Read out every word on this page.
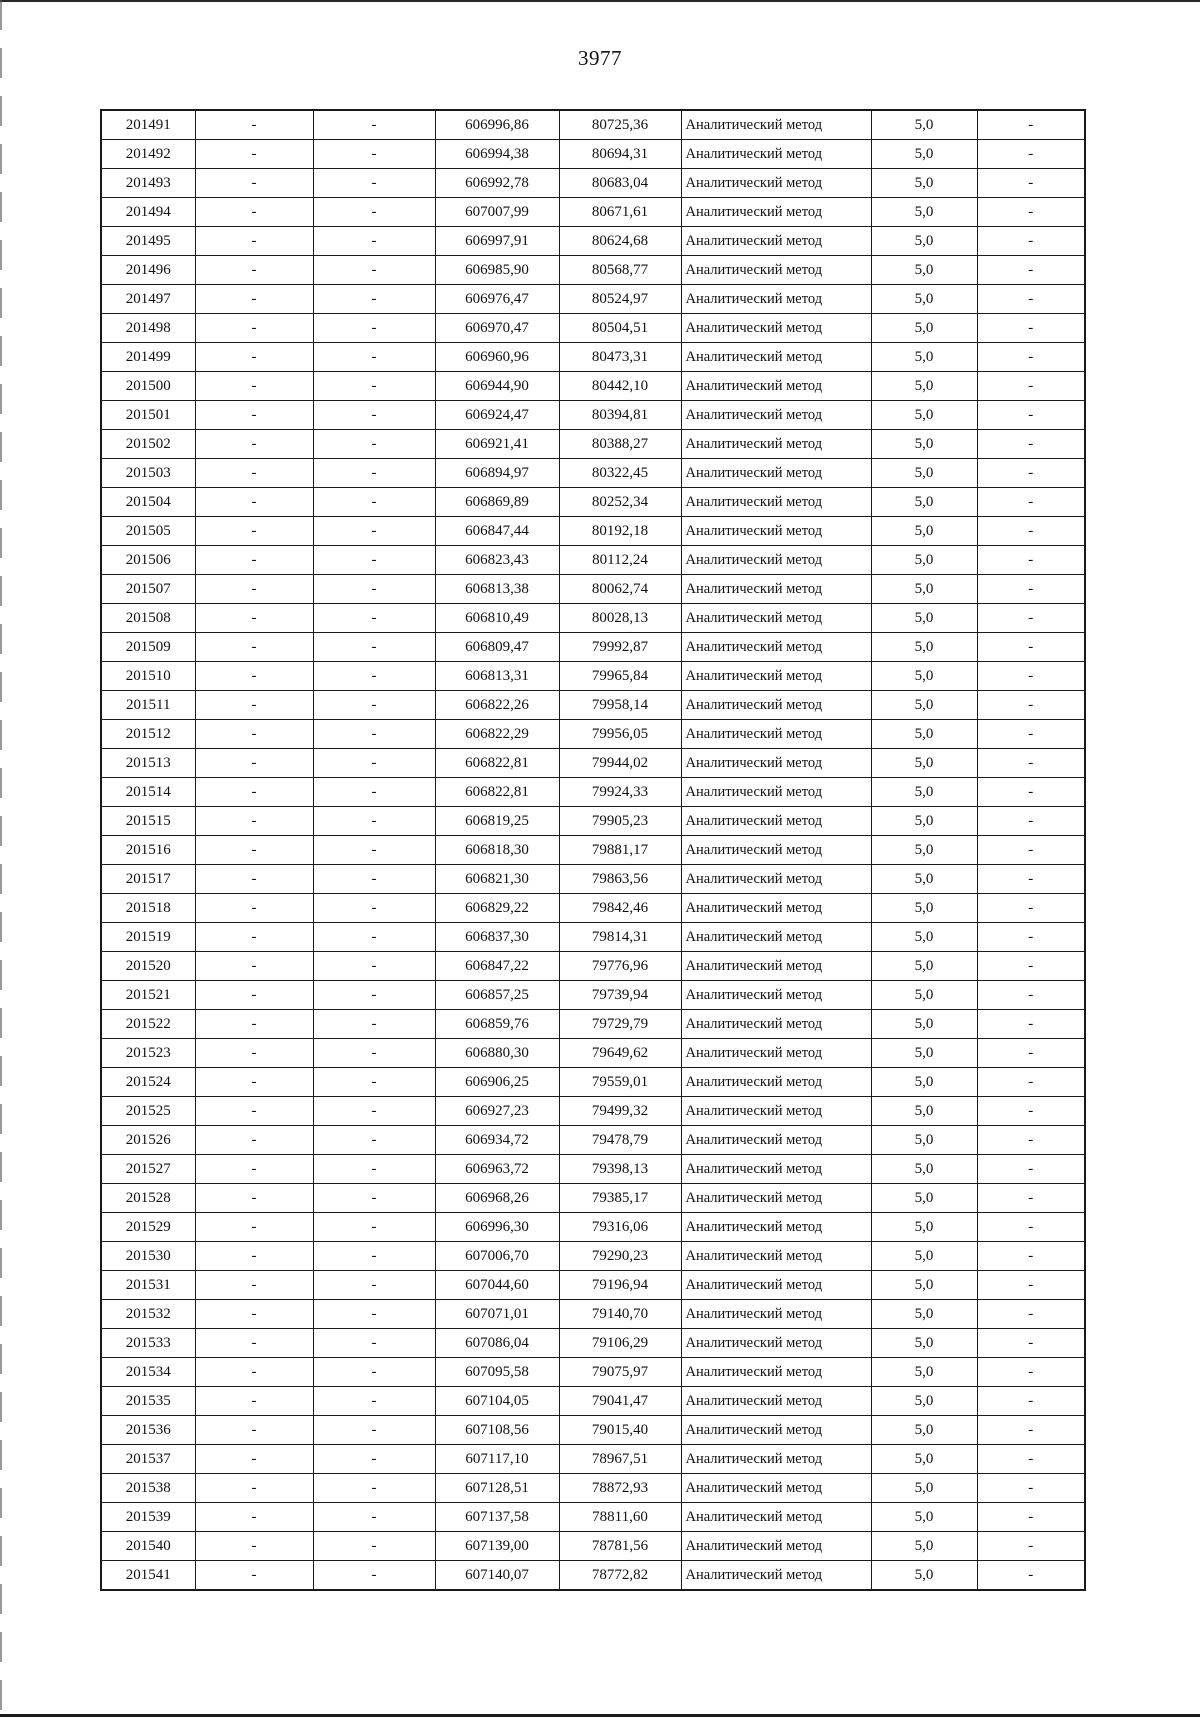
3977
201491	-	-	606996,86	80725,36	Аналитический метод	5,0	-
201492	-	-	606994,38	80694,31	Аналитический метод	5,0	-
201493	-	-	606992,78	80683,04	Аналитический метод	5,0	-
201494	-	-	607007,99	80671,61	Аналитический метод	5,0	-
201495	-	-	606997,91	80624,68	Аналитический метод	5,0	-
201496	-	-	606985,90	80568,77	Аналитический метод	5,0	-
201497	-	-	606976,47	80524,97	Аналитический метод	5,0	-
201498	-	-	606970,47	80504,51	Аналитический метод	5,0	-
201499	-	-	606960,96	80473,31	Аналитический метод	5,0	-
201500	-	-	606944,90	80442,10	Аналитический метод	5,0	-
201501	-	-	606924,47	80394,81	Аналитический метод	5,0	-
201502	-	-	606921,41	80388,27	Аналитический метод	5,0	-
201503	-	-	606894,97	80322,45	Аналитический метод	5,0	-
201504	-	-	606869,89	80252,34	Аналитический метод	5,0	-
201505	-	-	606847,44	80192,18	Аналитический метод	5,0	-
201506	-	-	606823,43	80112,24	Аналитический метод	5,0	-
201507	-	-	606813,38	80062,74	Аналитический метод	5,0	-
201508	-	-	606810,49	80028,13	Аналитический метод	5,0	-
201509	-	-	606809,47	79992,87	Аналитический метод	5,0	-
201510	-	-	606813,31	79965,84	Аналитический метод	5,0	-
201511	-	-	606822,26	79958,14	Аналитический метод	5,0	-
201512	-	-	606822,29	79956,05	Аналитический метод	5,0	-
201513	-	-	606822,81	79944,02	Аналитический метод	5,0	-
201514	-	-	606822,81	79924,33	Аналитический метод	5,0	-
201515	-	-	606819,25	79905,23	Аналитический метод	5,0	-
201516	-	-	606818,30	79881,17	Аналитический метод	5,0	-
201517	-	-	606821,30	79863,56	Аналитический метод	5,0	-
201518	-	-	606829,22	79842,46	Аналитический метод	5,0	-
201519	-	-	606837,30	79814,31	Аналитический метод	5,0	-
201520	-	-	606847,22	79776,96	Аналитический метод	5,0	-
201521	-	-	606857,25	79739,94	Аналитический метод	5,0	-
201522	-	-	606859,76	79729,79	Аналитический метод	5,0	-
201523	-	-	606880,30	79649,62	Аналитический метод	5,0	-
201524	-	-	606906,25	79559,01	Аналитический метод	5,0	-
201525	-	-	606927,23	79499,32	Аналитический метод	5,0	-
201526	-	-	606934,72	79478,79	Аналитический метод	5,0	-
201527	-	-	606963,72	79398,13	Аналитический метод	5,0	-
201528	-	-	606968,26	79385,17	Аналитический метод	5,0	-
201529	-	-	606996,30	79316,06	Аналитический метод	5,0	-
201530	-	-	607006,70	79290,23	Аналитический метод	5,0	-
201531	-	-	607044,60	79196,94	Аналитический метод	5,0	-
201532	-	-	607071,01	79140,70	Аналитический метод	5,0	-
201533	-	-	607086,04	79106,29	Аналитический метод	5,0	-
201534	-	-	607095,58	79075,97	Аналитический метод	5,0	-
201535	-	-	607104,05	79041,47	Аналитический метод	5,0	-
201536	-	-	607108,56	79015,40	Аналитический метод	5,0	-
201537	-	-	607117,10	78967,51	Аналитический метод	5,0	-
201538	-	-	607128,51	78872,93	Аналитический метод	5,0	-
201539	-	-	607137,58	78811,60	Аналитический метод	5,0	-
201540	-	-	607139,00	78781,56	Аналитический метод	5,0	-
201541	-	-	607140,07	78772,82	Аналитический метод	5,0	-
